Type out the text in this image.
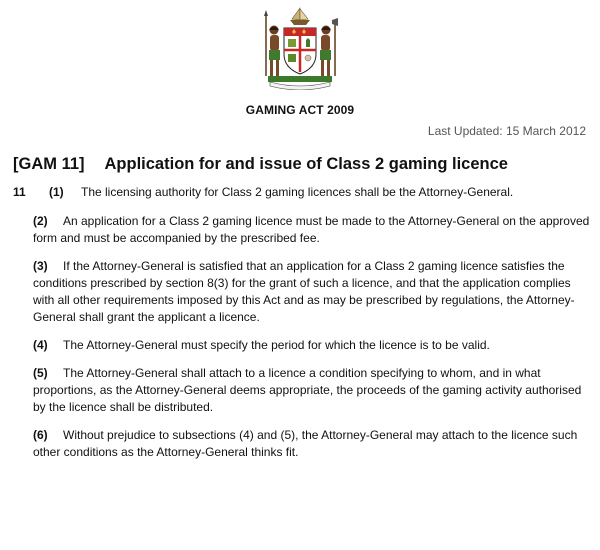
GAMING ACT 2009
Last Updated: 15 March 2012
[GAM 11] Application for and issue of Class 2 gaming licence

11 (1) The licensing authority for Class 2 gaming licences shall be the Attorney-General.

(2) An application for a Class 2 gaming licence must be made to the Attorney-General on the approved form and must be accompanied by the prescribed fee.

(3) If the Attorney-General is satisfied that an application for a Class 2 gaming licence satisfies the conditions prescribed by section 8(3) for the grant of such a licence, and that the application complies with all other requirements imposed by this Act and as may be prescribed by regulations, the Attorney-General shall grant the applicant a licence.

(4) The Attorney-General must specify the period for which the licence is to be valid.

(5) The Attorney-General shall attach to a licence a condition specifying to whom, and in what proportions, as the Attorney-General deems appropriate, the proceeds of the gaming activity authorised by the licence shall be distributed.

(6) Without prejudice to subsections (4) and (5), the Attorney-General may attach to the licence such other conditions as the Attorney-General thinks fit.
